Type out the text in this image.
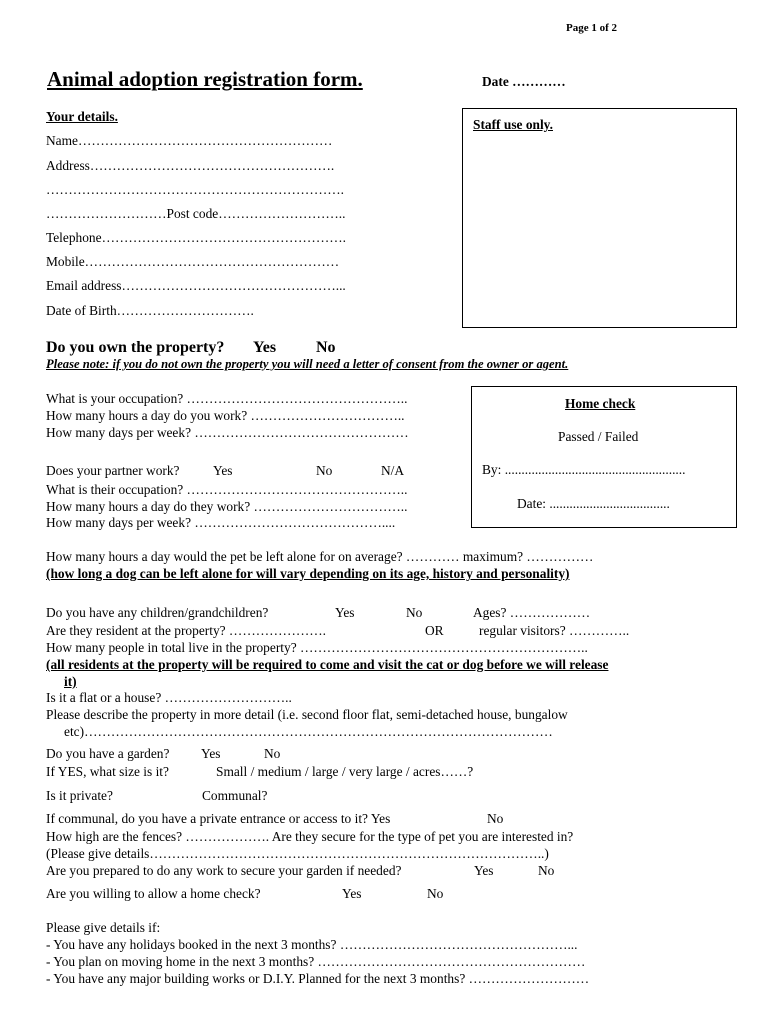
Page 1 of 2
Animal adoption registration form.	Date …………
Your details.
Name…………………………………………………
Address……………………………………………….
………………………………………………………….
………………………Post code………………………..
Telephone……………………………………………….
Mobile…………………………………………………
Email address…………………………………………...
Date of Birth………………………….
Staff use only.
Do you own the property? Yes No
Please note: if you do not own the property you will need a letter of consent from the owner or agent.
What is your occupation? …………………………………………..
How many hours a day do you work? ……………………………..
How many days per week? …………………………………………
Home check
Passed / Failed
By: ......................................................
Date: ....................................
Does your partner work?	Yes	No	N/A
What is their occupation? …………………………………………..
How many hours a day do they work? ……………………………..
How many days per week? ……………………………………....
How many hours a day would the pet be left alone for on average? ………… maximum? ……………
(how long a dog can be left alone for will vary depending on its age, history and personality)
Do you have any children/grandchildren?	Yes	No	Ages? ………………
Are they resident at the property? ………………….	OR	regular visitors? …………..
How many people in total live in the property? ………………………………………………………..
(all residents at the property will be required to come and visit the cat or dog before we will release
it)
Is it a flat or a house? ………………………..
Please describe the property in more detail (i.e. second floor flat, semi-detached house, bungalow
etc)……………………………………………………………………………………………
Do you have a garden? Yes	No
If YES, what size is it?	Small / medium / large / very large / acres……?
Is it private?	Communal?
If communal, do you have a private entrance or access to it? Yes	No
How high are the fences? ………………. Are they secure for the type of pet you are interested in?
(Please give details……………………………………………………………………………..)
Are you prepared to do any work to secure your garden if needed?	Yes	No
Are you willing to allow a home check?	Yes	No
Please give details if:
- You have any holidays booked in the next 3 months? ……………………………………………...
- You plan on moving home in the next 3 months? ……………………………………………………
- You have any major building works or D.I.Y. Planned for the next 3 months? ………………………
